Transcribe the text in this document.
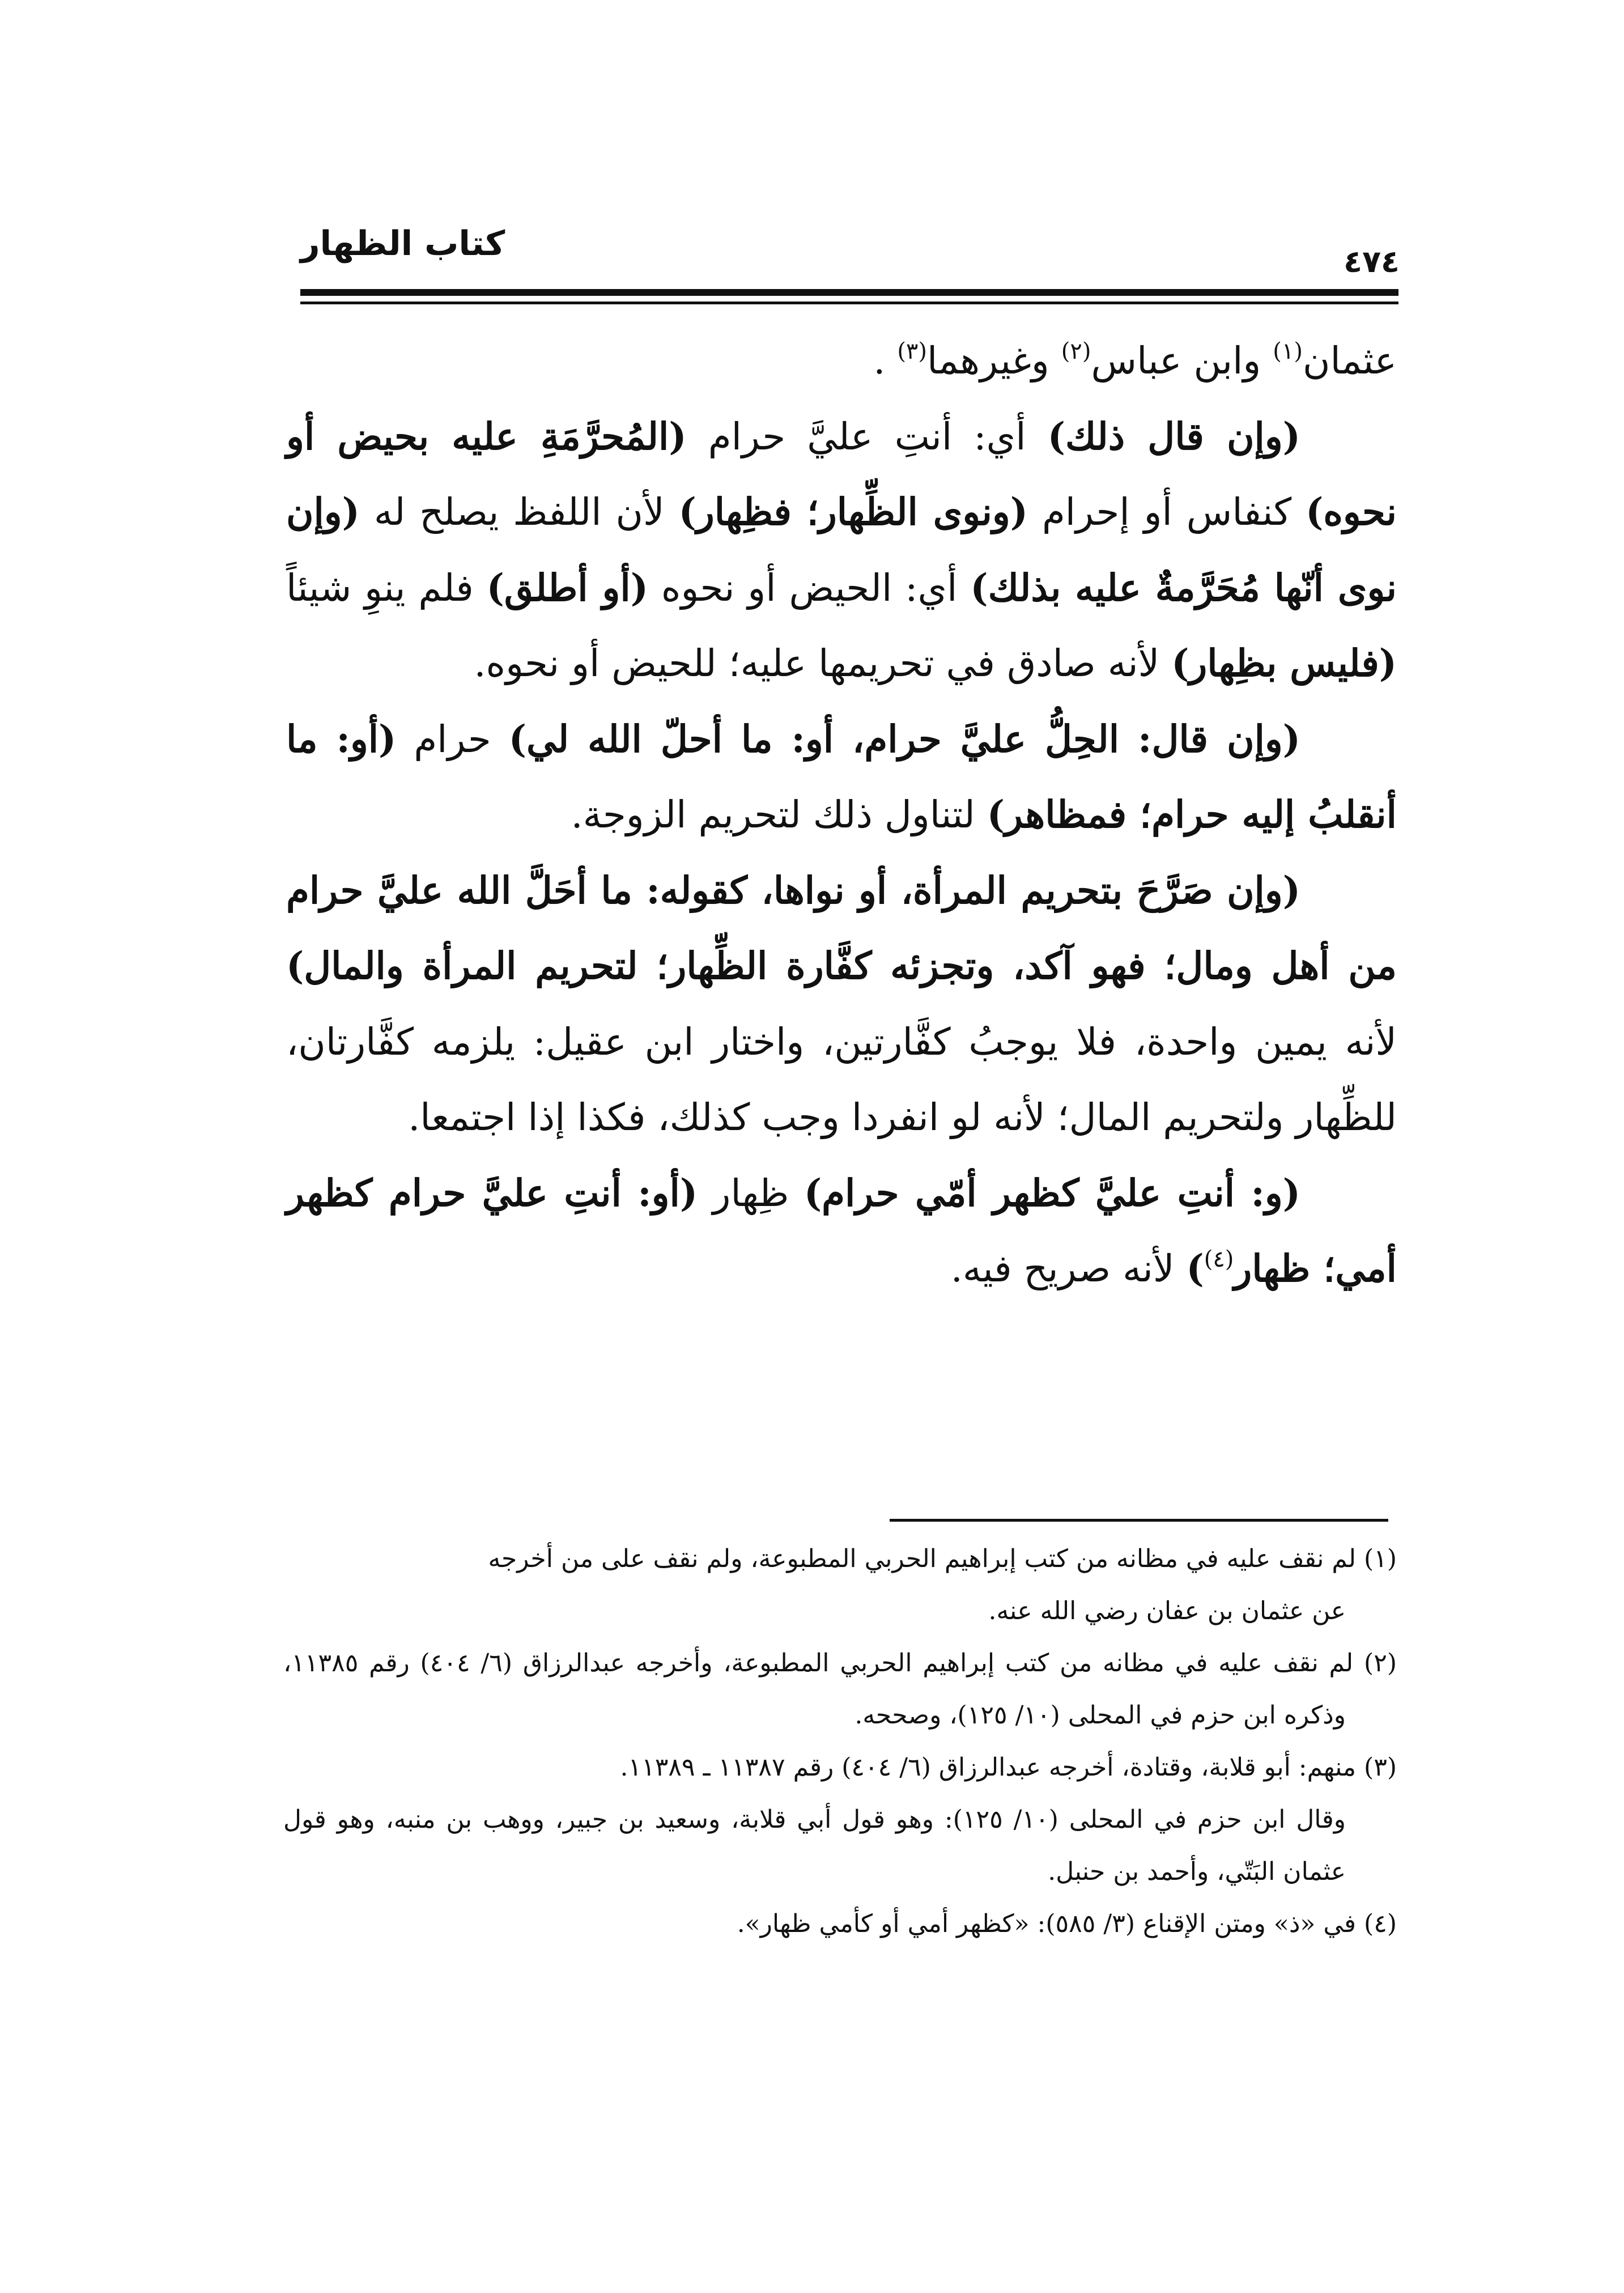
كتاب الظهار	٤٧٤

عثمان$^{(١)}$ وابن عباس$^{(٢)}$ وغيرهما$^{(٣)}$ .

(وإن قال ذلك) أي: أنتِ عليَّ حرام (المُحرَّمَةِ عليه بحيض أو نحوه) كنفاس أو إحرام (ونوى الظِّهار؛ فظِهار) لأن اللفظ يصلح له (وإن نوى أنّها مُحَرَّمةٌ عليه بذلك) أي: الحيض أو نحوه (أو أطلق) فلم ينوِ شيئاً (فليس بظِهار) لأنه صادق في تحريمها عليه؛ للحيض أو نحوه.

(وإن قال: الحِلُّ عليَّ حرام، أو: ما أحلّ الله لي) حرام (أو: ما أنقلبُ إليه حرام؛ فمظاهر) لتناول ذلك لتحريم الزوجة.

(وإن صَرَّحَ بتحريم المرأة، أو نواها، كقوله: ما أحَلَّ الله عليَّ حرام من أهل ومال؛ فهو آكد، وتجزئه كفَّارة الظِّهار؛ لتحريم المرأة والمال) لأنه يمين واحدة، فلا يوجبُ كفَّارتين، واختار ابن عقيل: يلزمه كفَّارتان، للظِّهار ولتحريم المال؛ لأنه لو انفردا وجب كذلك، فكذا إذا اجتمعا.

(و: أنتِ عليَّ كظهر أمّي حرام) ظِهار (أو: أنتِ عليَّ حرام كظهر أمي؛ ظهار$^{(٤)}$) لأنه صريح فيه.

(١) لم نقف عليه في مظانه من كتب إبراهيم الحربي المطبوعة، ولم نقف على من أخرجه

عن عثمان بن عفان رضي الله عنه.

(٢) لم نقف عليه في مظانه من كتب إبراهيم الحربي المطبوعة، وأخرجه عبدالرزاق (٦/ ٤٠٤) رقم ١١٣٨٥، وذكره ابن حزم في المحلى (١٠/ ١٢٥)، وصححه.

(٣) منهم: أبو قلابة، وقتادة، أخرجه عبدالرزاق (٦/ ٤٠٤) رقم ١١٣٨٧ ـ ١١٣٨٩.

وقال ابن حزم في المحلى (١٠/ ١٢٥): وهو قول أبي قلابة، وسعيد بن جبير، ووهب بن منبه، وهو قول عثمان البَتّي، وأحمد بن حنبل.

(٤) في «ذ» ومتن الإقناع (٣/ ٥٨٥): «كظهر أمي أو كأمي ظهار».
